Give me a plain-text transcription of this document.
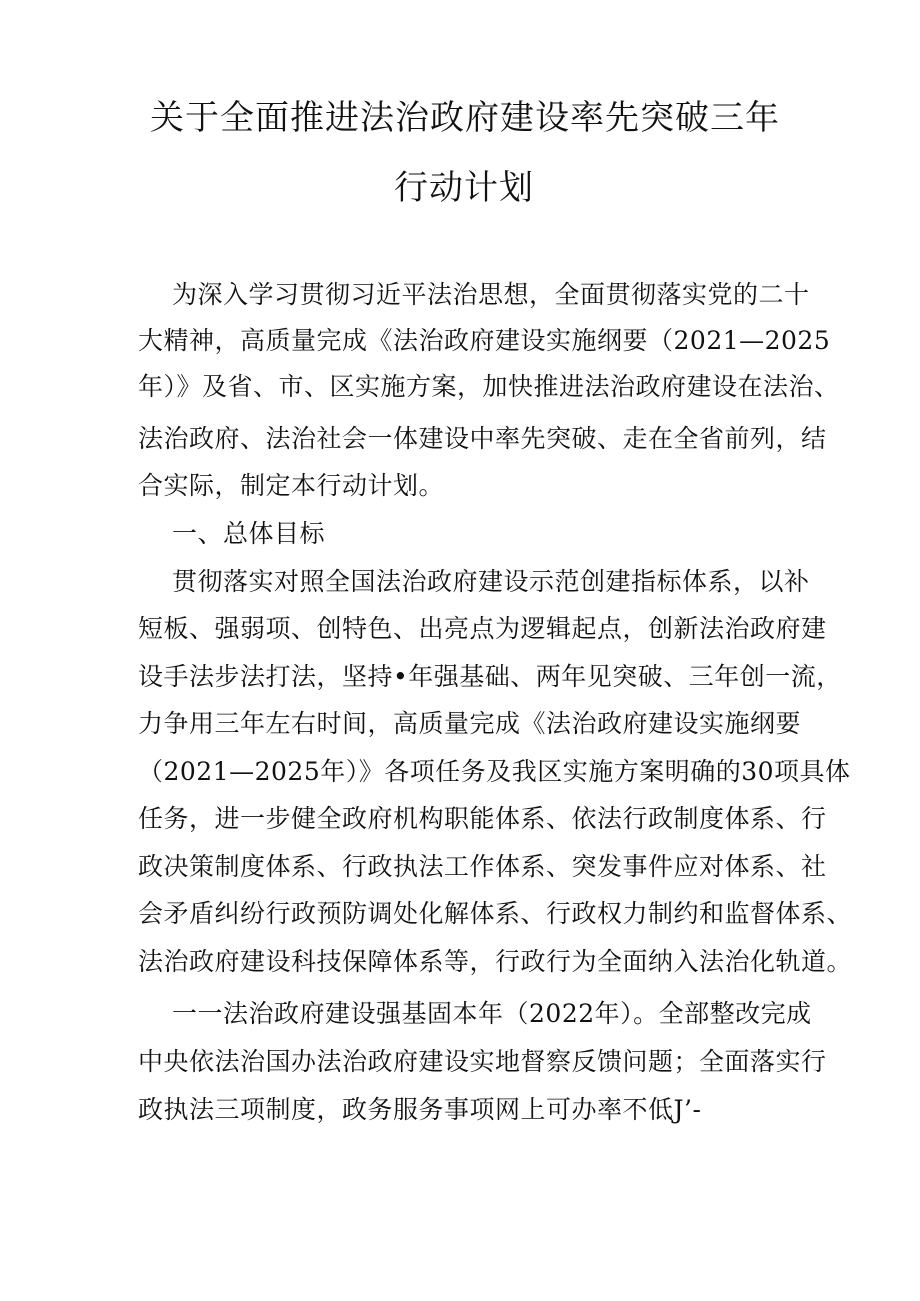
关于全面推进法治政府建设率先突破三年
行动计划
为深入学习贯彻习近平法治思想，全面贯彻落实党的二十
大精神，高质量完成《法治政府建设实施纲要（2021—2025
年）》及省、市、区实施方案，加快推进法治政府建设在法治、
法治政府、法治社会一体建设中率先突破、走在全省前列，结
合实际，制定本行动计划。
一、总体目标
贯彻落实对照全国法治政府建设示范创建指标体系，以补
短板、强弱项、创特色、出亮点为逻辑起点，创新法治政府建
设手法步法打法，坚持•年强基础、两年见突破、三年创一流，
力争用三年左右时间，高质量完成《法治政府建设实施纲要
（2021—2025年）》各项任务及我区实施方案明确的30项具体
任务，进一步健全政府机构职能体系、依法行政制度体系、行
政决策制度体系、行政执法工作体系、突发事件应对体系、社
会矛盾纠纷行政预防调处化解体系、行政权力制约和监督体系、
法治政府建设科技保障体系等，行政行为全面纳入法治化轨道。
一一法治政府建设强基固本年（2022年）。全部整改完成
中央依法治国办法治政府建设实地督察反馈问题；全面落实行
政执法三项制度，政务服务事项网上可办率不低J’-
